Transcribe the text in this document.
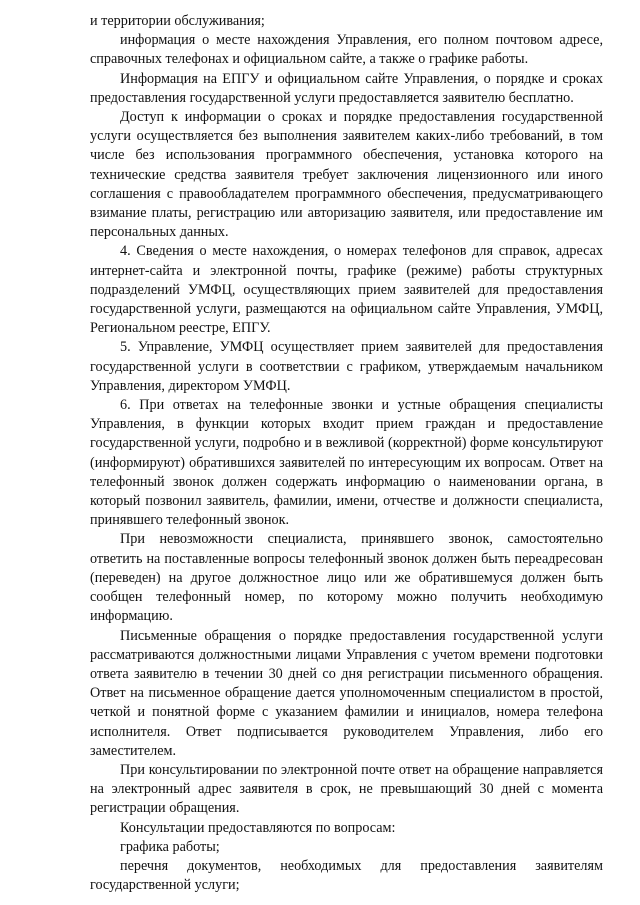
и территории обслуживания;

информация о месте нахождения Управления, его полном почтовом адресе, справочных телефонах и официальном сайте, а также о графике работы.

Информация на ЕПГУ и официальном сайте Управления, о порядке и сроках предоставления государственной услуги предоставляется заявителю бесплатно.

Доступ к информации о сроках и порядке предоставления государственной услуги осуществляется без выполнения заявителем каких-либо требований, в том числе без использования программного обеспечения, установка которого на технические средства заявителя требует заключения лицензионного или иного соглашения с правообладателем программного обеспечения, предусматривающего взимание платы, регистрацию или авторизацию заявителя, или предоставление им персональных данных.

4. Сведения о месте нахождения, о номерах телефонов для справок, адресах интернет-сайта и электронной почты, графике (режиме) работы структурных подразделений УМФЦ, осуществляющих прием заявителей для предоставления государственной услуги, размещаются на официальном сайте Управления, УМФЦ, Региональном реестре, ЕПГУ.

5. Управление, УМФЦ осуществляет прием заявителей для предоставления государственной услуги в соответствии с графиком, утверждаемым начальником Управления, директором УМФЦ.

6. При ответах на телефонные звонки и устные обращения специалисты Управления, в функции которых входит прием граждан и предоставление государственной услуги, подробно и в вежливой (корректной) форме консультируют (информируют) обратившихся заявителей по интересующим их вопросам. Ответ на телефонный звонок должен содержать информацию о наименовании органа, в который позвонил заявитель, фамилии, имени, отчестве и должности специалиста, принявшего телефонный звонок.

При невозможности специалиста, принявшего звонок, самостоятельно ответить на поставленные вопросы телефонный звонок должен быть переадресован (переведен) на другое должностное лицо или же обратившемуся должен быть сообщен телефонный номер, по которому можно получить необходимую информацию.

Письменные обращения о порядке предоставления государственной услуги рассматриваются должностными лицами Управления с учетом времени подготовки ответа заявителю в течении 30 дней со дня регистрации письменного обращения. Ответ на письменное обращение дается уполномоченным специалистом в простой, четкой и понятной форме с указанием фамилии и инициалов, номера телефона исполнителя. Ответ подписывается руководителем Управления, либо его заместителем.

При консультировании по электронной почте ответ на обращение направляется на электронный адрес заявителя в срок, не превышающий 30 дней с момента регистрации обращения.

Консультации предоставляются по вопросам:

графика работы;

перечня документов, необходимых для предоставления заявителям государственной услуги;
